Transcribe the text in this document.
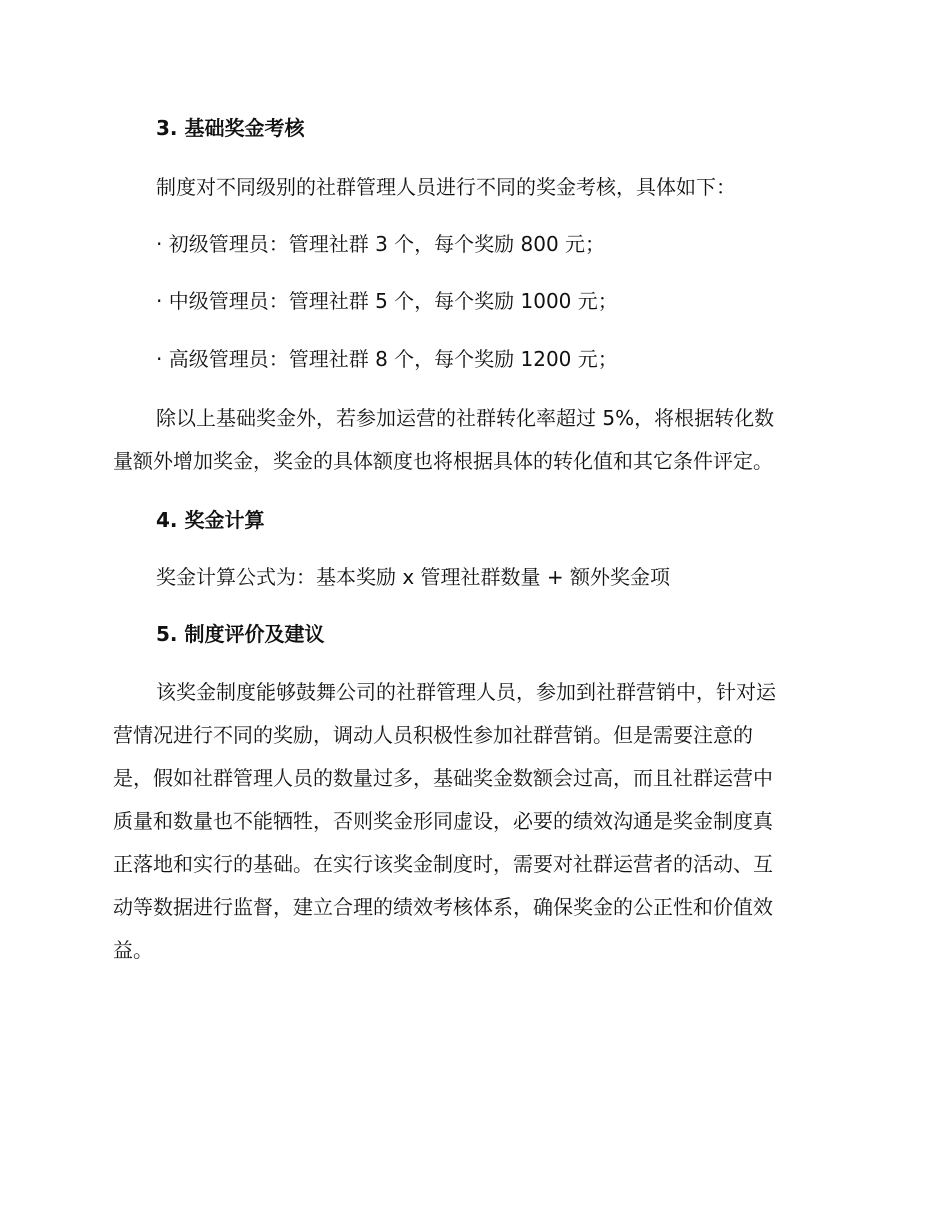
3. 基础奖金考核
制度对不同级别的社群管理人员进行不同的奖金考核，具体如下：
· 初级管理员：管理社群 3 个，每个奖励 800 元；
· 中级管理员：管理社群 5 个，每个奖励 1000 元；
· 高级管理员：管理社群 8 个，每个奖励 1200 元；
除以上基础奖金外，若参加运营的社群转化率超过 5%，将根据转化数
量额外增加奖金，奖金的具体额度也将根据具体的转化值和其它条件评定。
4. 奖金计算
奖金计算公式为：基本奖励 x 管理社群数量 + 额外奖金项
5. 制度评价及建议
该奖金制度能够鼓舞公司的社群管理人员，参加到社群营销中，针对运
营情况进行不同的奖励，调动人员积极性参加社群营销。但是需要注意的
是，假如社群管理人员的数量过多，基础奖金数额会过高，而且社群运营中
质量和数量也不能牺牲，否则奖金形同虚设，必要的绩效沟通是奖金制度真
正落地和实行的基础。在实行该奖金制度时，需要对社群运营者的活动、互
动等数据进行监督，建立合理的绩效考核体系，确保奖金的公正性和价值效
益。
